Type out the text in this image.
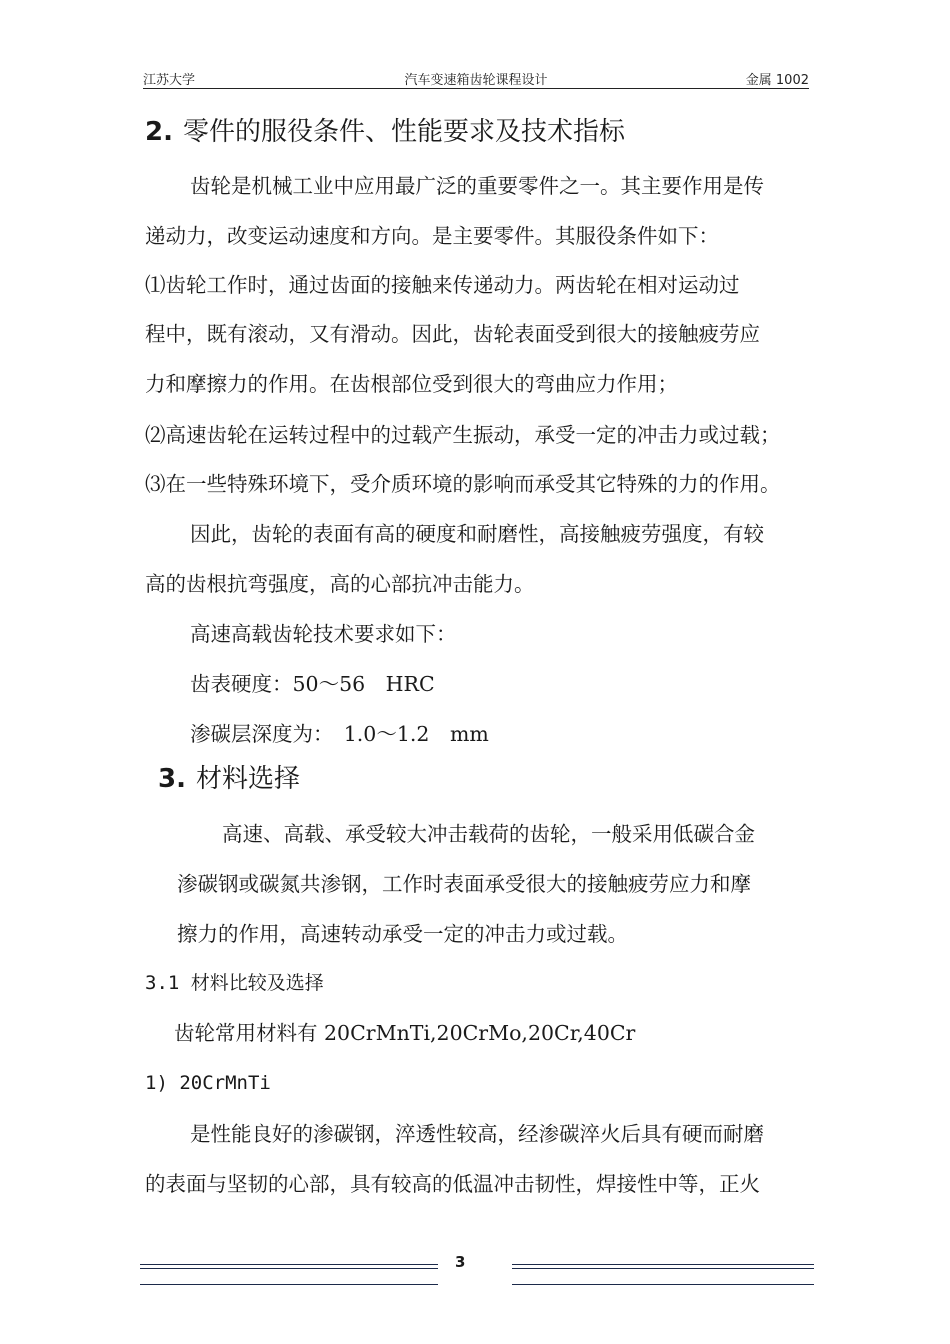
江苏大学	汽车变速箱齿轮课程设计	金属 1002
2. 零件的服役条件、性能要求及技术指标
齿轮是机械工业中应用最广泛的重要零件之一。其主要作用是传
递动力，改变运动速度和方向。是主要零件。其服役条件如下：
⑴齿轮工作时，通过齿面的接触来传递动力。两齿轮在相对运动过
程中，既有滚动，又有滑动。因此，齿轮表面受到很大的接触疲劳应
力和摩擦力的作用。在齿根部位受到很大的弯曲应力作用；
⑵高速齿轮在运转过程中的过载产生振动，承受一定的冲击力或过载；
⑶在一些特殊环境下，受介质环境的影响而承受其它特殊的力的作用。
因此，齿轮的表面有高的硬度和耐磨性，高接触疲劳强度，有较
高的齿根抗弯强度，高的心部抗冲击能力。
高速高载齿轮技术要求如下：
齿表硬度：50～56　HRC
渗碳层深度为：　1.0～1.2　mm
3. 材料选择
高速、高载、承受较大冲击载荷的齿轮，一般采用低碳合金
渗碳钢或碳氮共渗钢，工作时表面承受很大的接触疲劳应力和摩
擦力的作用，高速转动承受一定的冲击力或过载。
3.1 材料比较及选择
齿轮常用材料有 20CrMnTi,20CrMo,20Cr,40Cr
1) 20CrMnTi
是性能良好的渗碳钢，淬透性较高，经渗碳淬火后具有硬而耐磨
的表面与坚韧的心部，具有较高的低温冲击韧性，焊接性中等，正火
3
